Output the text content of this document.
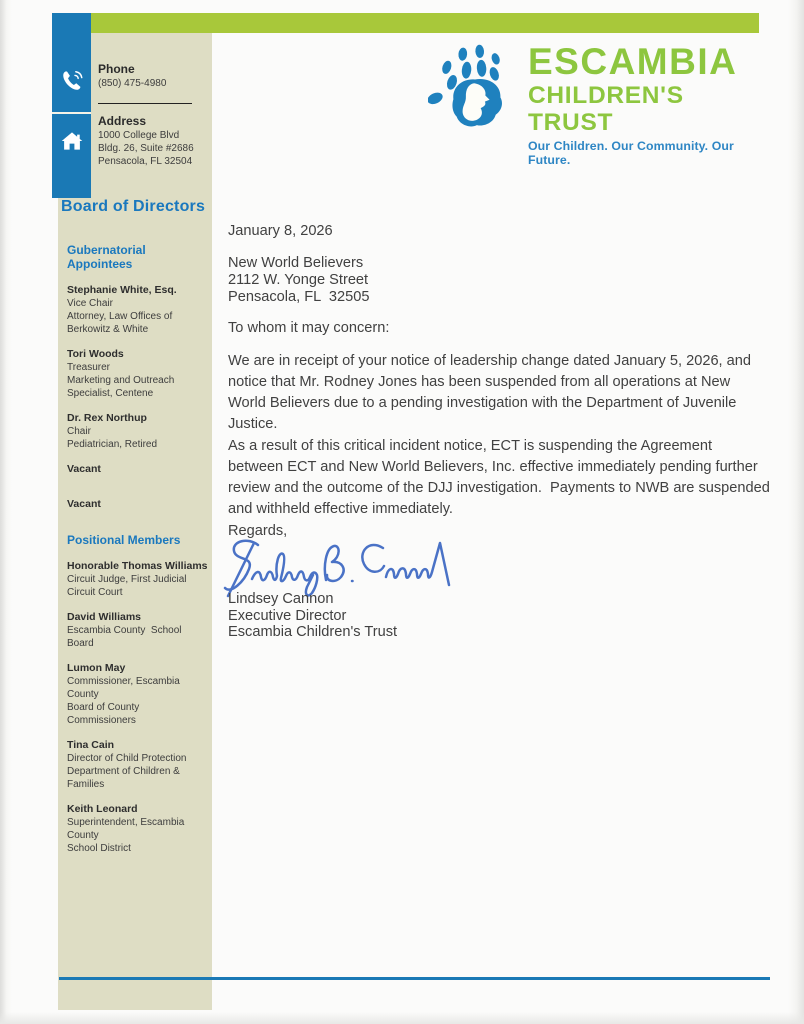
Phone
(850) 475-4980
Address
1000 College Blvd
Bldg. 26, Suite #2686
Pensacola, FL 32504
ESCAMBIA
CHILDREN'S TRUST
Our Children. Our Community. Our Future.
Board of Directors
Gubernatorial Appointees
Stephanie White, Esq.
Vice Chair
Attorney, Law Offices of
Berkowitz & White
Tori Woods
Treasurer
Marketing and Outreach
Specialist, Centene
Dr. Rex Northup
Chair
Pediatrician, Retired
Vacant
Vacant
Positional Members
Honorable Thomas Williams
Circuit Judge, First Judicial
Circuit Court
David Williams
Escambia County  School Board
Lumon May
Commissioner, Escambia County
Board of County Commissioners
Tina Cain
Director of Child Protection
Department of Children &
Families
Keith Leonard
Superintendent, Escambia County
School District
January 8, 2026
New World Believers
2112 W. Yonge Street
Pensacola, FL  32505
To whom it may concern:
We are in receipt of your notice of leadership change dated January 5, 2026, and
notice that Mr. Rodney Jones has been suspended from all operations at New
World Believers due to a pending investigation with the Department of Juvenile
Justice.
As a result of this critical incident notice, ECT is suspending the Agreement
between ECT and New World Believers, Inc. effective immediately pending further
review and the outcome of the DJJ investigation.  Payments to NWB are suspended
and withheld effective immediately.
Regards,
Lindsey Cannon
Executive Director
Escambia Children's Trust
